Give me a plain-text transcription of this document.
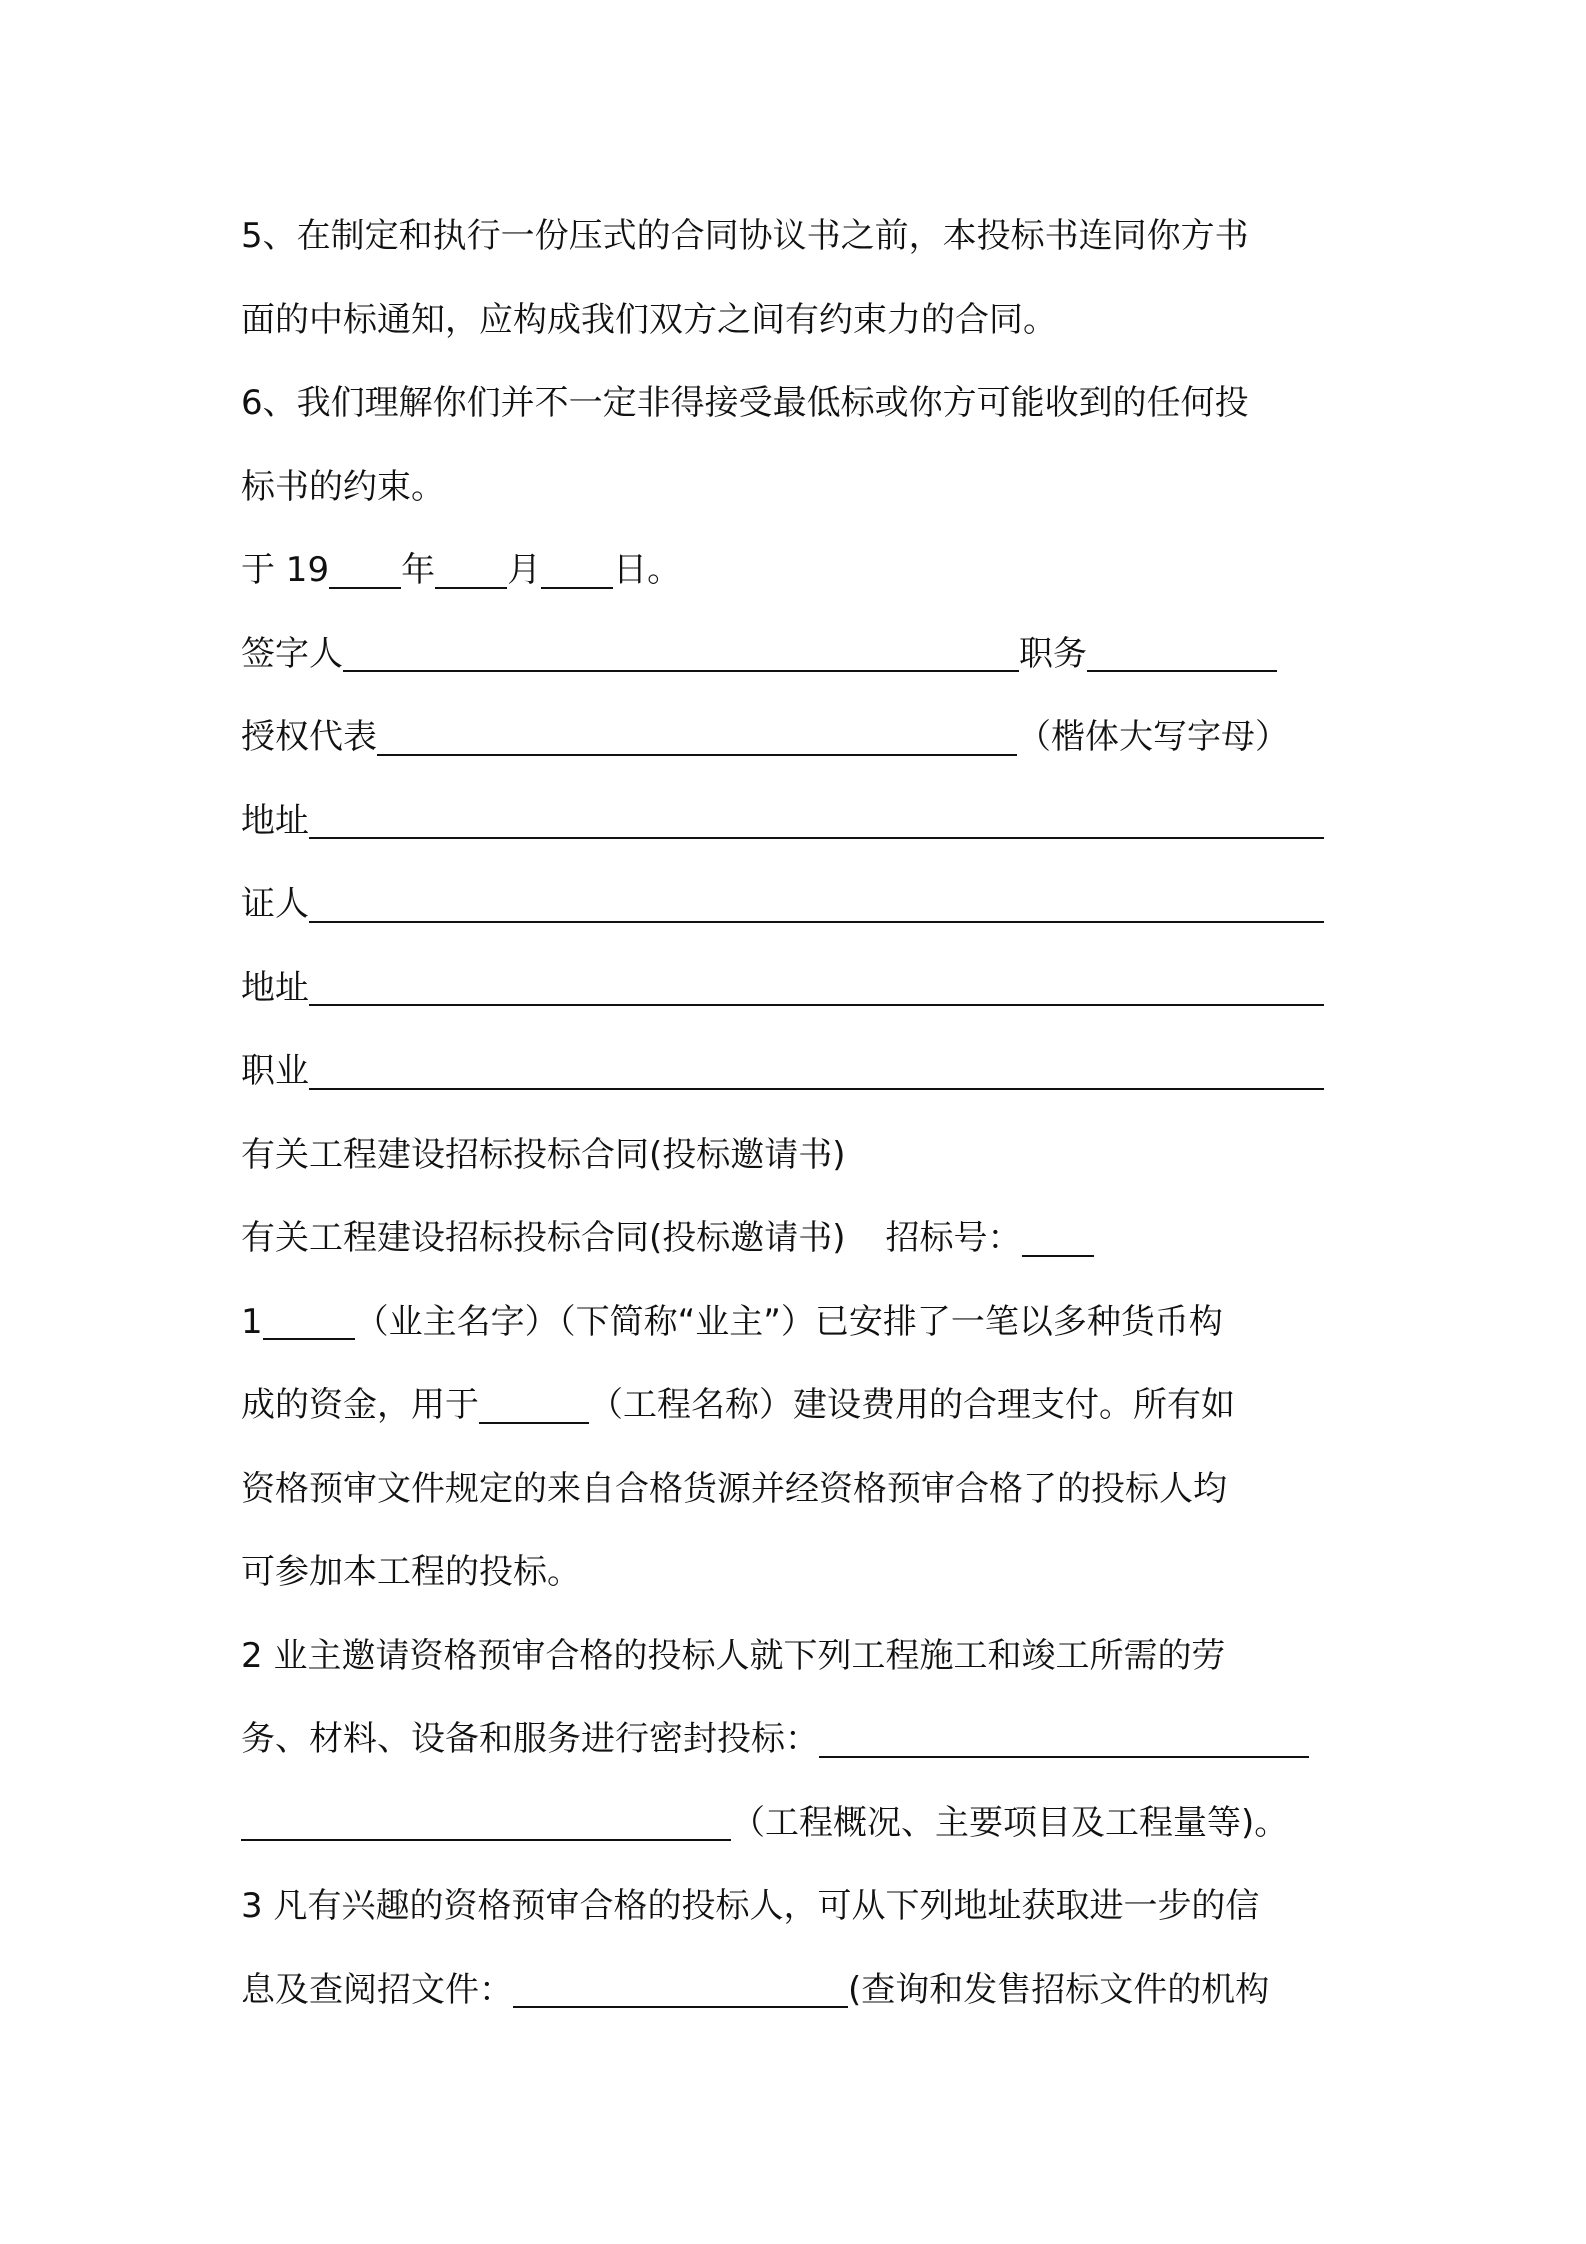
5、在制定和执行一份压式的合同协议书之前，本投标书连同你方书
面的中标通知，应构成我们双方之间有约束力的合同。
6、我们理解你们并不一定非得接受最低标或你方可能收到的任何投
标书的约束。
于 19 年 月 日。
签字人	职务
授权代表	（楷体大写字母）
地址
证人
地址
职业
有关工程建设招标投标合同(投标邀请书)
有关工程建设招标投标合同(投标邀请书) 招标号：
1	（业主名字）（下简称“业主”）已安排了一笔以多种货币构
成的资金，用于	（工程名称）建设费用的合理支付。所有如
资格预审文件规定的来自合格货源并经资格预审合格了的投标人均
可参加本工程的投标。
2 业主邀请资格预审合格的投标人就下列工程施工和竣工所需的劳
务、材料、设备和服务进行密封投标：
（工程概况、主要项目及工程量等)。
3 凡有兴趣的资格预审合格的投标人，可从下列地址获取进一步的信
息及查阅招文件：	(查询和发售招标文件的机构
